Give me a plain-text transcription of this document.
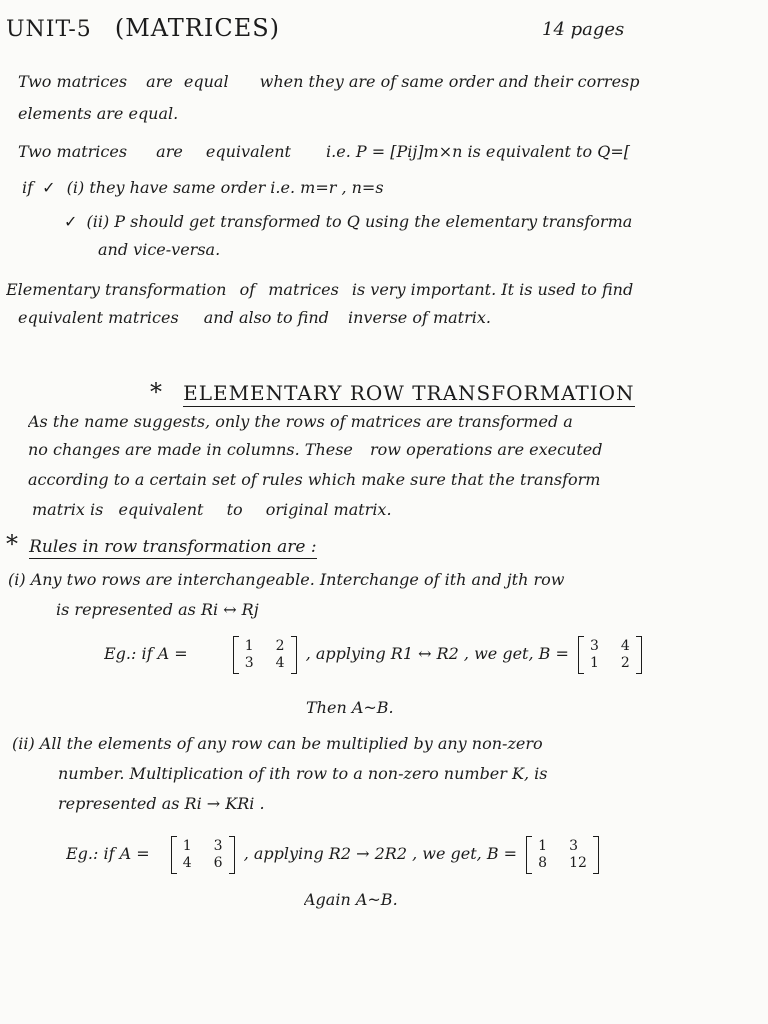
UNIT-5 (MATRICES)	14 pages
Two matrices are equal when they are of same order and their corresp
elements are equal.
Two matrices are equivalent i.e. P = [Pij]m×n is equivalent to Q=[
if ✓ (i) they have same order i.e. m=r , n=s
✓ (ii) P should get transformed to Q using the elementary transforma
and vice-versa.
Elementary transformation of matrices is very important. It is used to find
equivalent matrices and also to find inverse of matrix.
* ELEMENTARY ROW TRANSFORMATION
As the name suggests, only the rows of matrices are transformed a
no changes are made in columns. These row operations are executed
according to a certain set of rules which make sure that the transform
matrix is equivalent to original matrix.
* Rules in row transformation are :
(i) Any two rows are interchangeable. Interchange of ith and jth row
is represented as Ri ↔ Rj
Eg.: if A =	1 2
3 4 , applying R1 ↔ R2 , we get, B = 3 4
1 2
Then A~B.
(ii) All the elements of any row can be multiplied by any non-zero
number. Multiplication of ith row to a non-zero number K, is
represented as Ri → KRi .
Eg.: if A = 1 3
4 6 , applying R2 → 2R2 , we get, B = 1 3
8 12
Again A~B.
